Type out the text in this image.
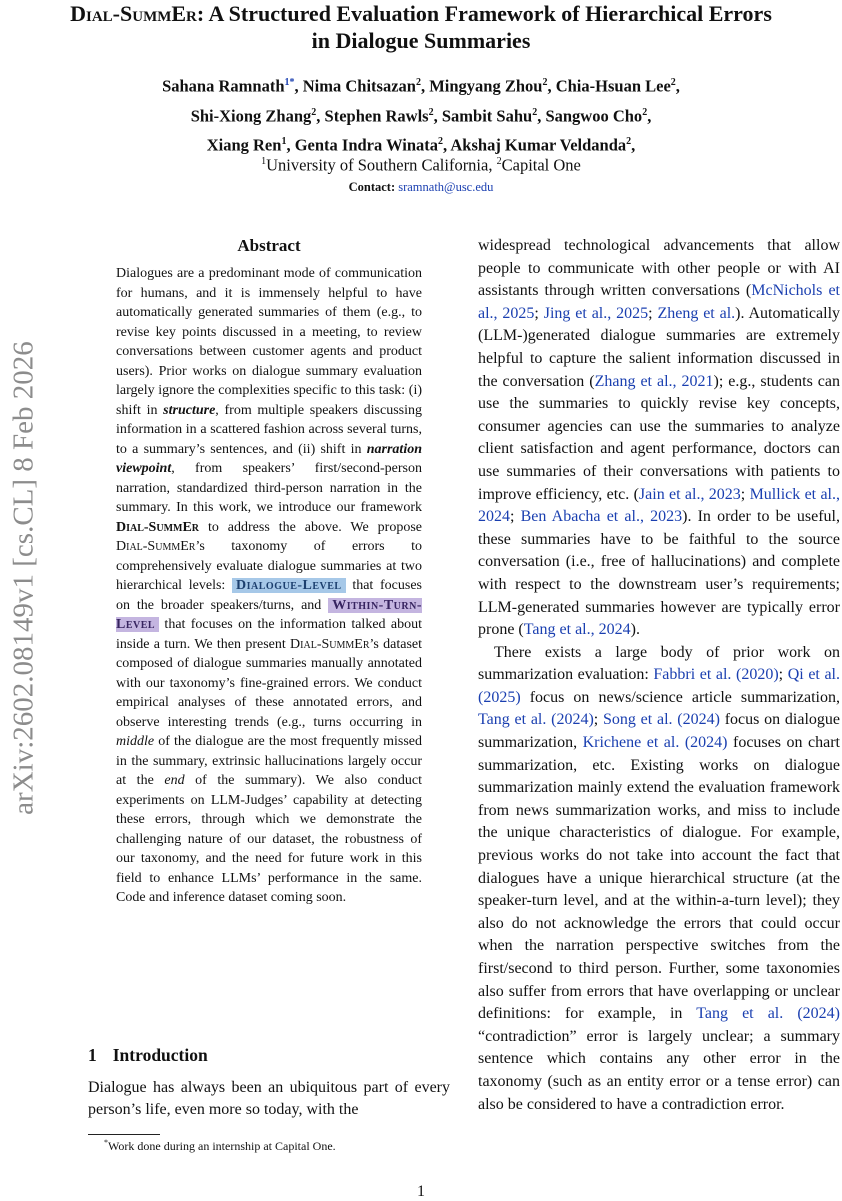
Dial-SummEr: A Structured Evaluation Framework of Hierarchical Errors in Dialogue Summaries
Sahana Ramnath$^{1*}$, Nima Chitsazan$^2$, Mingyang Zhou$^2$, Chia-Hsuan Lee$^2$,
Shi-Xiong Zhang$^2$, Stephen Rawls$^2$, Sambit Sahu$^2$, Sangwoo Cho$^2$,
Xiang Ren$^1$, Genta Indra Winata$^2$, Akshaj Kumar Veldanda$^2$,
$^1$University of Southern California, $^2$Capital One
Contact: sramnath@usc.edu
arXiv:2602.08149v1 [cs.CL] 8 Feb 2026
Abstract
Dialogues are a predominant mode of communication for humans, and it is immensely helpful to have automatically generated summaries of them (e.g., to revise key points discussed in a meeting, to review conversations between customer agents and product users). Prior works on dialogue summary evaluation largely ignore the complexities specific to this task: (i) shift in structure, from multiple speakers discussing information in a scattered fashion across several turns, to a summary’s sentences, and (ii) shift in narration viewpoint, from speakers’ first/second-person narration, standardized third-person narration in the summary. In this work, we introduce our framework Dial-SummEr to address the above. We propose Dial-SummEr’s taxonomy of errors to comprehensively evaluate dialogue summaries at two hierarchical levels: Dialogue-Level that focuses on the broader speakers/turns, and Within-Turn-Level that focuses on the information talked about inside a turn. We then present Dial-SummEr’s dataset composed of dialogue summaries manually annotated with our taxonomy’s fine-grained errors. We conduct empirical analyses of these annotated errors, and observe interesting trends (e.g., turns occurring in middle of the dialogue are the most frequently missed in the summary, extrinsic hallucinations largely occur at the end of the summary). We also conduct experiments on LLM-Judges’ capability at detecting these errors, through which we demonstrate the challenging nature of our dataset, the robustness of our taxonomy, and the need for future work in this field to enhance LLMs’ performance in the same. Code and inference dataset coming soon.
1 Introduction
Dialogue has always been an ubiquitous part of every person’s life, even more so today, with the
*Work done during an internship at Capital One.

widespread technological advancements that allow people to communicate with other people or with AI assistants through written conversations (McNichols et al., 2025; Jing et al., 2025; Zheng et al.). Automatically (LLM-)generated dialogue summaries are extremely helpful to capture the salient information discussed in the conversation (Zhang et al., 2021); e.g., students can use the summaries to quickly revise key concepts, consumer agencies can use the summaries to analyze client satisfaction and agent performance, doctors can use summaries of their conversations with patients to improve efficiency, etc. (Jain et al., 2023; Mullick et al., 2024; Ben Abacha et al., 2023). In order to be useful, these summaries have to be faithful to the source conversation (i.e., free of hallucinations) and complete with respect to the downstream user’s requirements; LLM-generated summaries however are typically error prone (Tang et al., 2024).

There exists a large body of prior work on summarization evaluation: Fabbri et al. (2020); Qi et al. (2025) focus on news/science article summarization, Tang et al. (2024); Song et al. (2024) focus on dialogue summarization, Krichene et al. (2024) focuses on chart summarization, etc. Existing works on dialogue summarization mainly extend the evaluation framework from news summarization works, and miss to include the unique characteristics of dialogue. For example, previous works do not take into account the fact that dialogues have a unique hierarchical structure (at the speaker-turn level, and at the within-a-turn level); they also do not acknowledge the errors that could occur when the narration perspective switches from the first/second to third person. Further, some taxonomies also suffer from errors that have overlapping or unclear definitions: for example, in Tang et al. (2024) “contradiction” error is largely unclear; a summary sentence which contains any other error in the taxonomy (such as an entity error or a tense error) can also be considered to have a contradiction error.

1
